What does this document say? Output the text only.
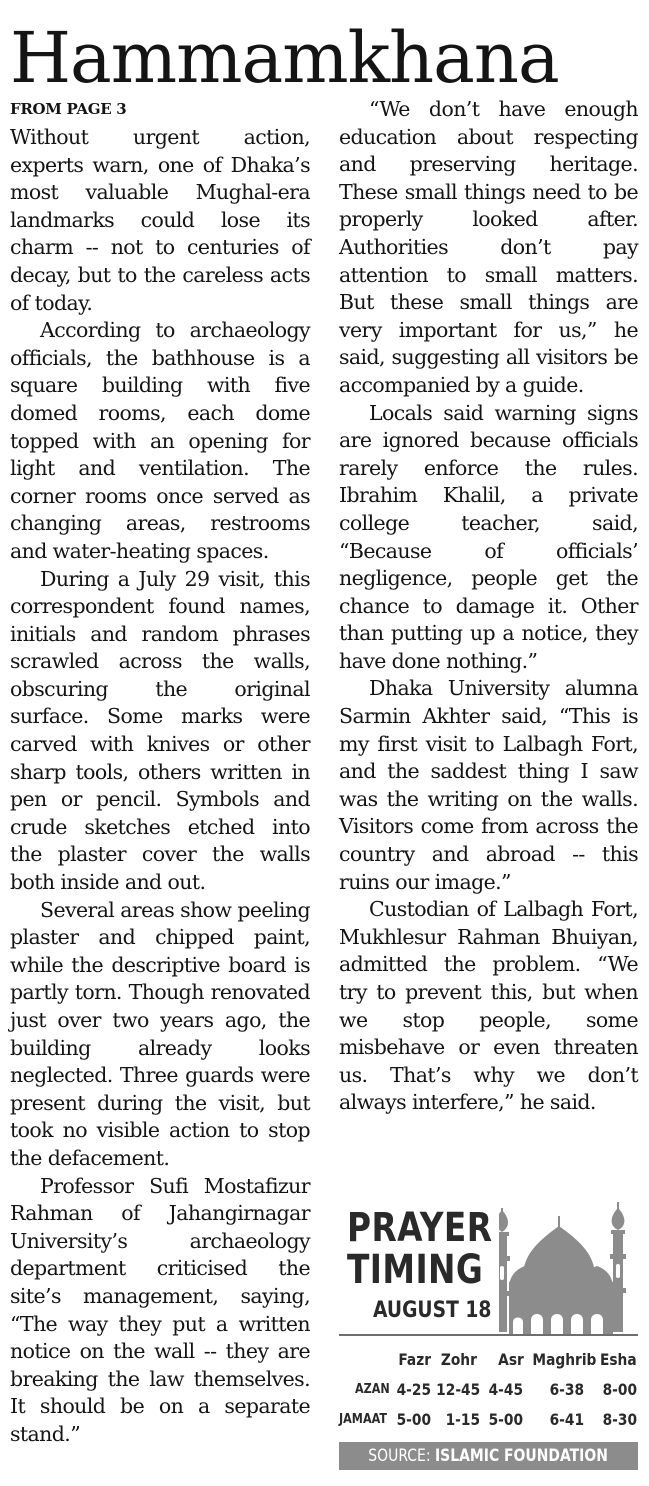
Hammamkhana
FROM PAGE 3

Without urgent action, experts warn, one of Dhaka’s most valuable Mughal-era landmarks could lose its charm -- not to centuries of decay, but to the careless acts of today.

According to archaeology officials, the bathhouse is a square building with five domed rooms, each dome topped with an opening for light and ventilation. The corner rooms once served as changing areas, restrooms and water-heating spaces.

During a July 29 visit, this correspondent found names, initials and random phrases scrawled across the walls, obscuring the original surface. Some marks were carved with knives or other sharp tools, others written in pen or pencil. Symbols and crude sketches etched into the plaster cover the walls both inside and out.

Several areas show peeling plaster and chipped paint, while the descriptive board is partly torn. Though renovated just over two years ago, the building already looks neglected. Three guards were present during the visit, but took no visible action to stop the defacement.

Professor Sufi Mostafizur Rahman of Jahangirnagar University’s archaeology department criticised the site’s management, saying, “The way they put a written notice on the wall -- they are breaking the law themselves. It should be on a separate stand.”

“We don’t have enough education about respecting and preserving heritage. These small things need to be properly looked after. Authorities don’t pay attention to small matters. But these small things are very important for us,” he said, suggesting all visitors be accompanied by a guide.

Locals said warning signs are ignored because officials rarely enforce the rules. Ibrahim Khalil, a private college teacher, said, “Because of officials’ negligence, people get the chance to damage it. Other than putting up a notice, they have done nothing.”

Dhaka University alumna Sarmin Akhter said, “This is my first visit to Lalbagh Fort, and the saddest thing I saw was the writing on the walls. Visitors come from across the country and abroad -- this ruins our image.”

Custodian of Lalbagh Fort, Mukhlesur Rahman Bhuiyan, admitted the problem. “We try to prevent this, but when we stop people, some misbehave or even threaten us. That’s why we don’t always interfere,” he said.

PRAYER
TIMING
AUGUST 18
Fazr Zohr Asr Maghrib Esha
AZAN 4-25 12-45 4-45 6-38 8-00
JAMAAT 5-00 1-15 5-00 6-41 8-30
SOURCE: ISLAMIC FOUNDATION
